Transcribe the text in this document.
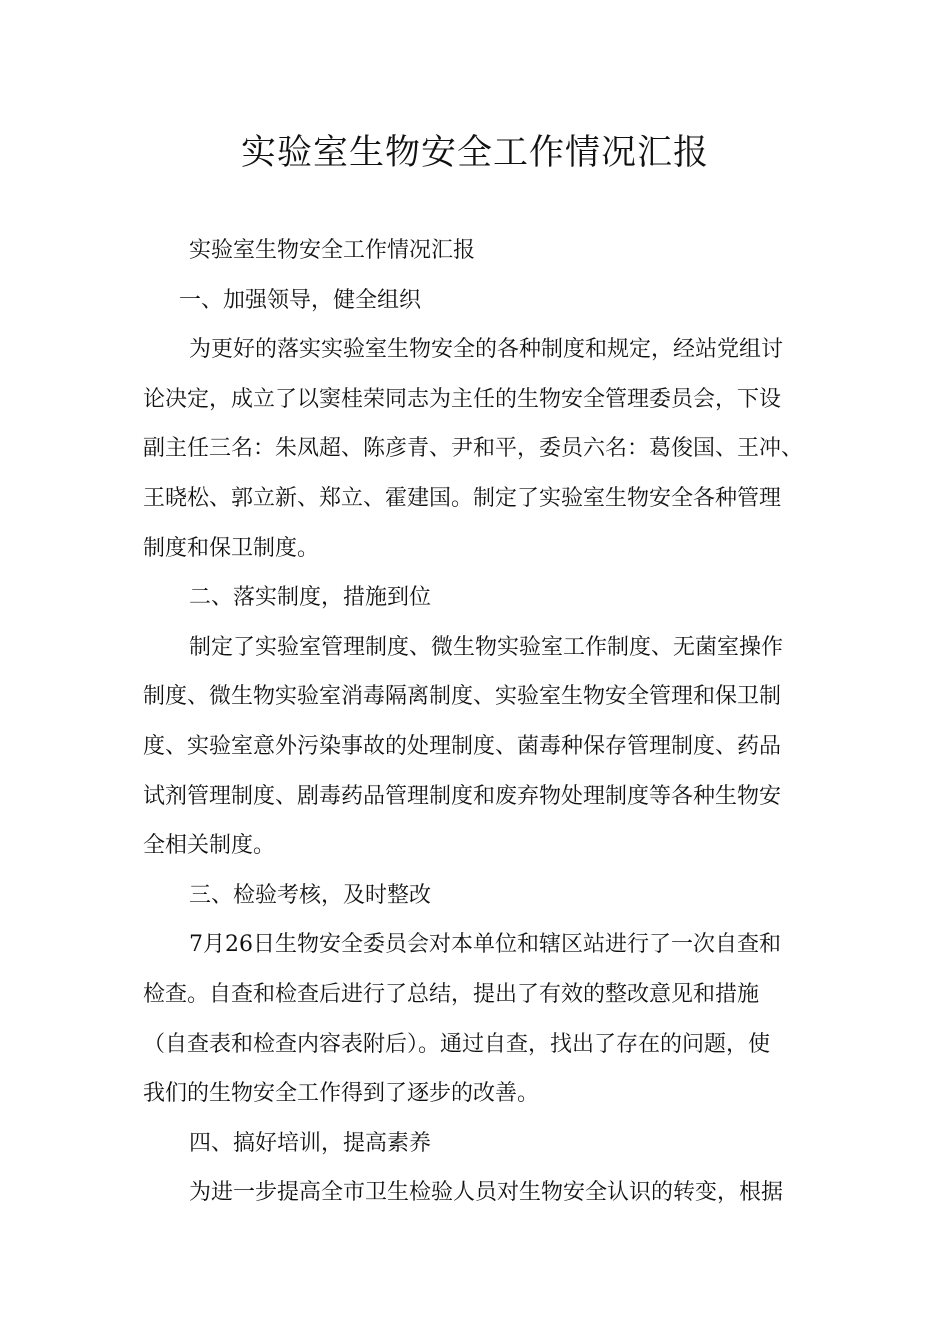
实验室生物安全工作情况汇报
实验室生物安全工作情况汇报
一、加强领导，健全组织
为更好的落实实验室生物安全的各种制度和规定，经站党组讨
论决定，成立了以窦桂荣同志为主任的生物安全管理委员会，下设
副主任三名：朱凤超、陈彦青、尹和平，委员六名：葛俊国、王冲、
王晓松、郭立新、郑立、霍建国。制定了实验室生物安全各种管理
制度和保卫制度。
二、落实制度，措施到位
制定了实验室管理制度、微生物实验室工作制度、无菌室操作
制度、微生物实验室消毒隔离制度、实验室生物安全管理和保卫制
度、实验室意外污染事故的处理制度、菌毒种保存管理制度、药品
试剂管理制度、剧毒药品管理制度和废弃物处理制度等各种生物安
全相关制度。
三、检验考核，及时整改
7月26日生物安全委员会对本单位和辖区站进行了一次自查和
检查。自查和检查后进行了总结，提出了有效的整改意见和措施
（自查表和检查内容表附后）。通过自查，找出了存在的问题，使
我们的生物安全工作得到了逐步的改善。
四、搞好培训，提高素养
为进一步提高全市卫生检验人员对生物安全认识的转变，根据
